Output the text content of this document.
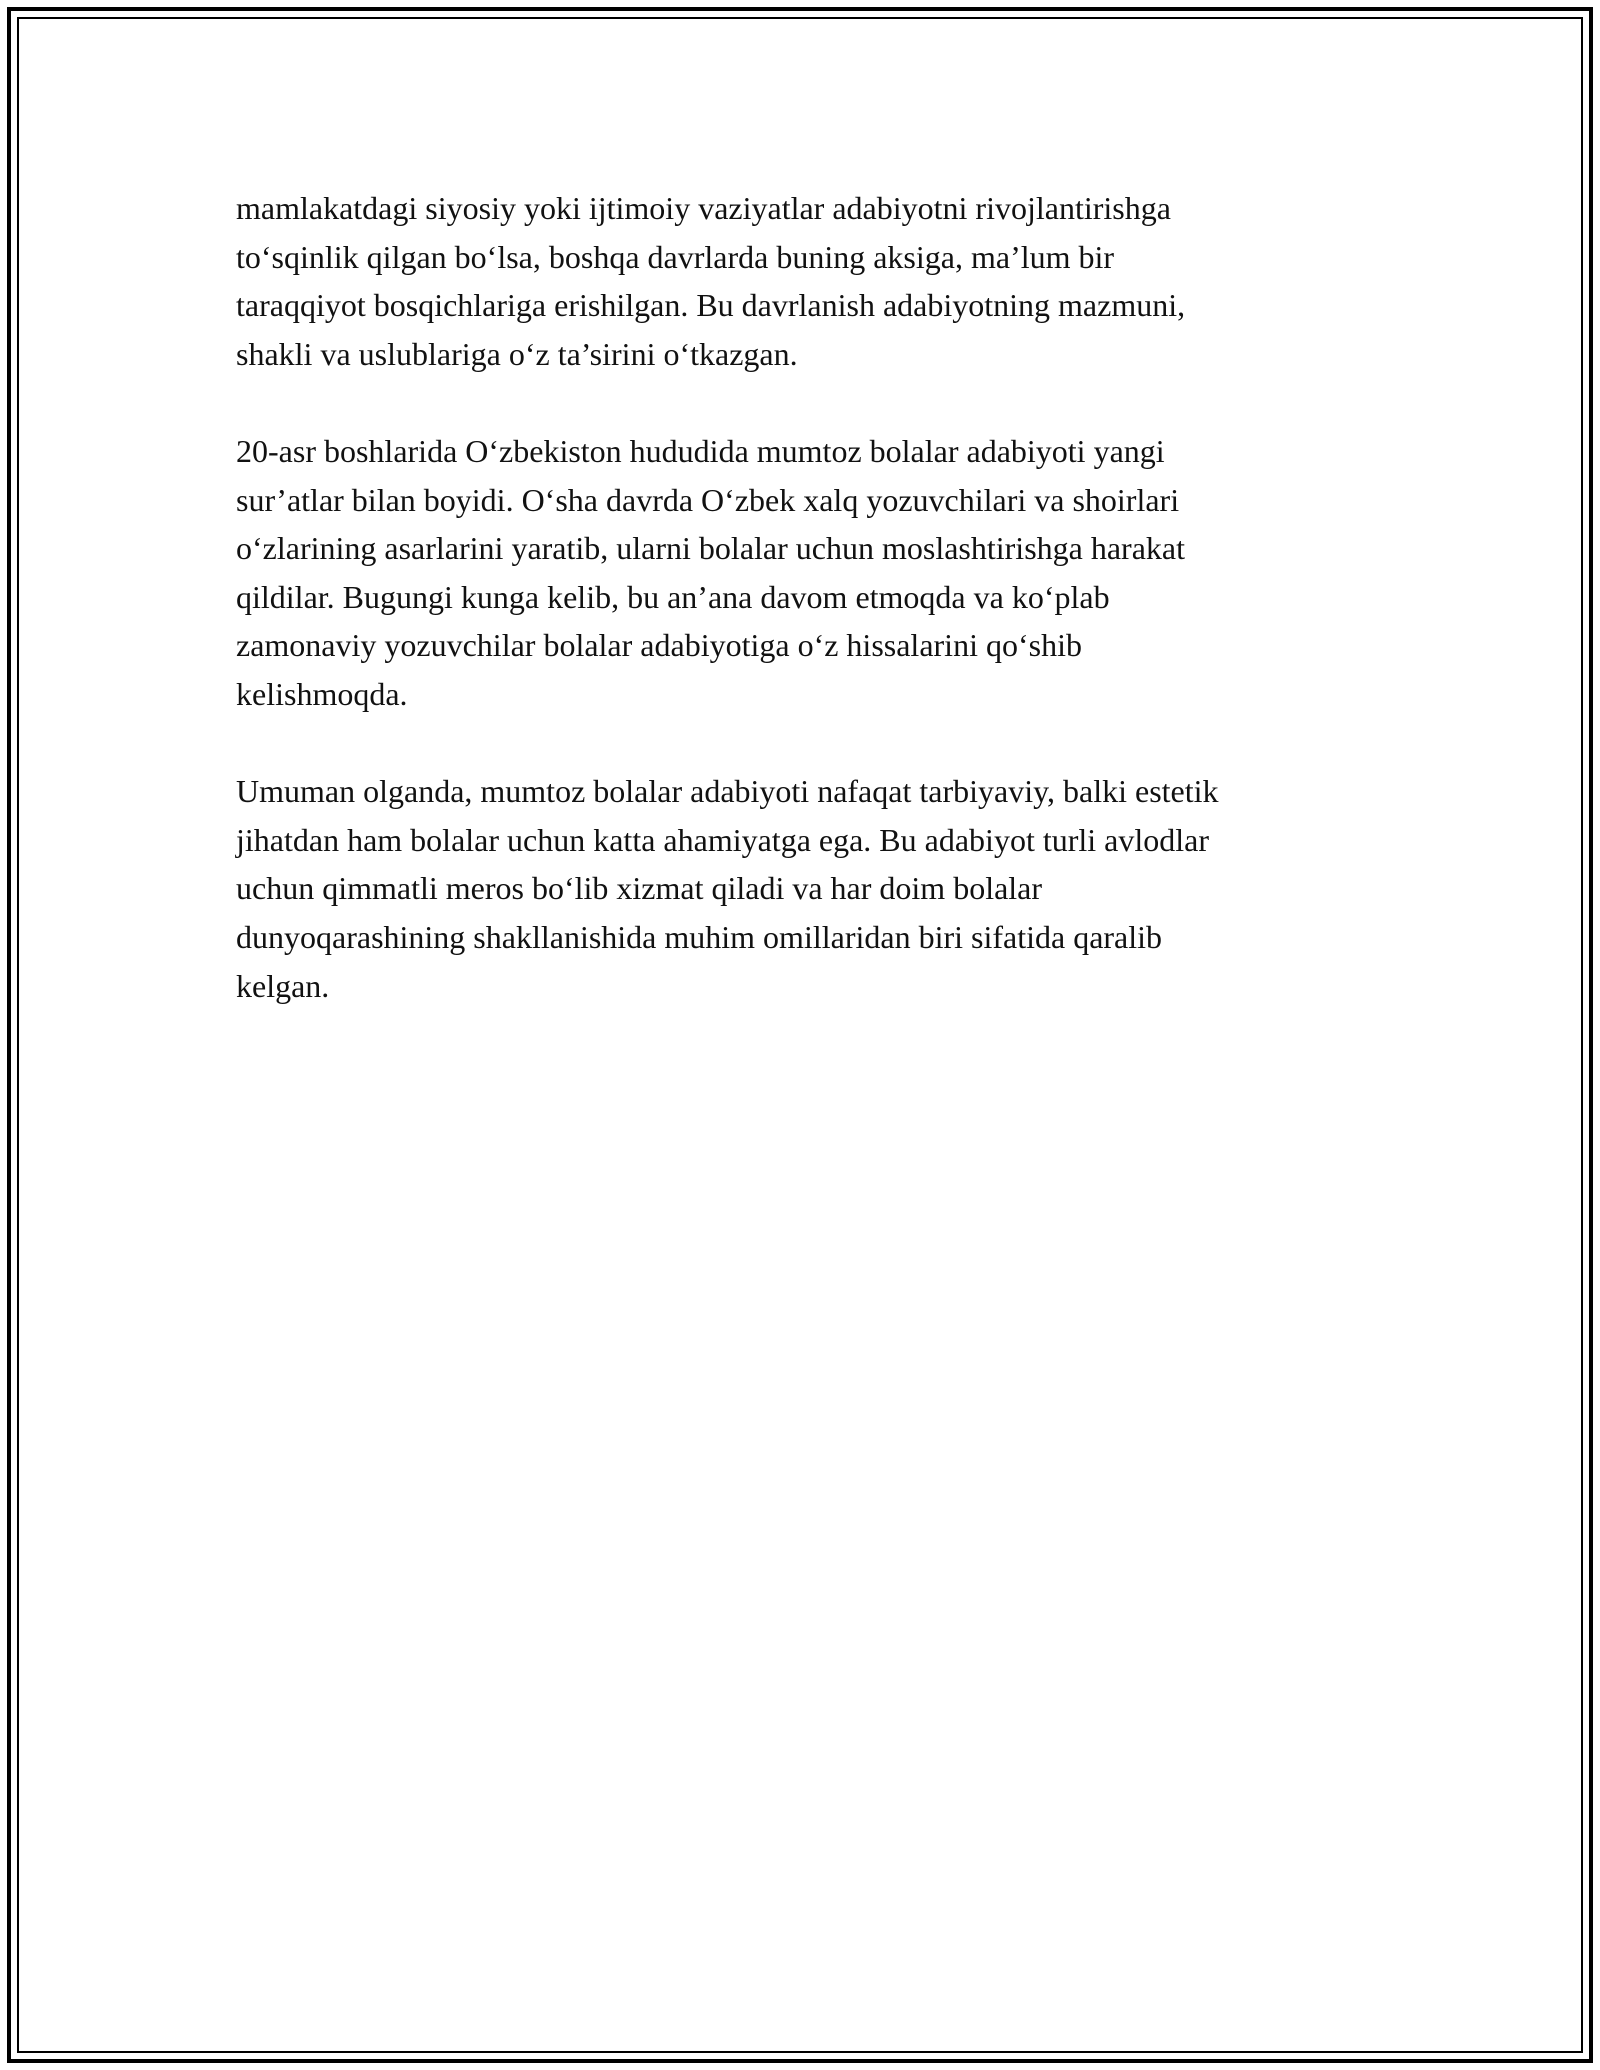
mamlakatdagi siyosiy yoki ijtimoiy vaziyatlar adabiyotni rivojlantirishga
to‘sqinlik qilgan bo‘lsa, boshqa davrlarda buning aksiga, ma’lum bir
taraqqiyot bosqichlariga erishilgan. Bu davrlanish adabiyotning mazmuni,
shakli va uslublariga o‘z ta’sirini o‘tkazgan.

20-asr boshlarida O‘zbekiston hududida mumtoz bolalar adabiyoti yangi
sur’atlar bilan boyidi. O‘sha davrda O‘zbek xalq yozuvchilari va shoirlari
o‘zlarining asarlarini yaratib, ularni bolalar uchun moslashtirishga harakat
qildilar. Bugungi kunga kelib, bu an’ana davom etmoqda va ko‘plab
zamonaviy yozuvchilar bolalar adabiyotiga o‘z hissalarini qo‘shib
kelishmoqda.

Umuman olganda, mumtoz bolalar adabiyoti nafaqat tarbiyaviy, balki estetik
jihatdan ham bolalar uchun katta ahamiyatga ega. Bu adabiyot turli avlodlar
uchun qimmatli meros bo‘lib xizmat qiladi va har doim bolalar
dunyoqarashining shakllanishida muhim omillaridan biri sifatida qaralib
kelgan.
